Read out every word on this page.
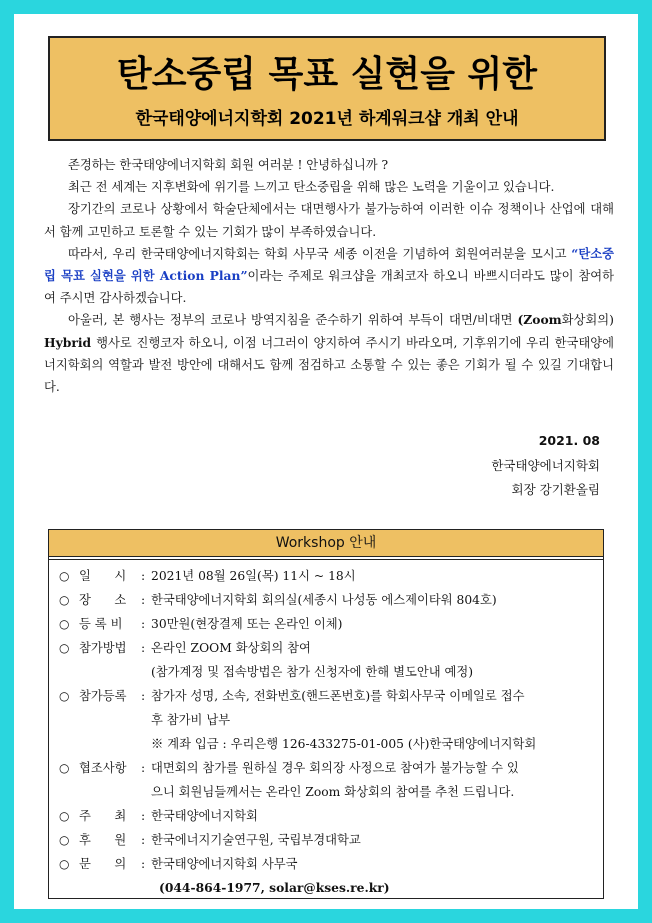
탄소중립 목표 실현을 위한
한국태양에너지학회 2021년 하계워크샵 개최 안내

존경하는 한국태양에너지학회 회원 여러분 ! 안녕하십니까 ?

최근 전 세계는 지후변화에 위기를 느끼고 탄소중립을 위해 많은 노력을 기울이고 있습니다.

장기간의 코로나 상황에서 학술단체에서는 대면행사가 불가능하여 이러한 이슈 정책이나 산업에 대해서 함께 고민하고 토론할 수 있는 기회가 많이 부족하였습니다.

따라서, 우리 한국태양에너지학회는 학회 사무국 세종 이전을 기념하여 회원여러분을 모시고 “탄소중립 목표 실현을 위한 Action Plan”이라는 주제로 워크샵을 개최코자 하오니 바쁘시더라도 많이 참여하여 주시면 감사하겠습니다.

아울러, 본 행사는 정부의 코로나 방역지침을 준수하기 위하여 부득이 대면/비대면 (Zoom화상회의) Hybrid 행사로 진행코자 하오니, 이점 너그러이 양지하여 주시기 바라오며, 기후위기에 우리 한국태양에너지학회의 역할과 발전 방안에 대해서도 함께 점검하고 소통할 수 있는 좋은 기회가 될 수 있길 기대합니다.

2021. 08
한국태양에너지학회
회장 강기환올림
Workshop 안내
○ 일      시 : 2021년 08월 26일(목) 11시 ~ 18시
○ 장      소 : 한국태양에너지학회 회의실(세종시 나성동 에스제이타워 804호)
○ 등 록 비 : 30만원(현장결제 또는 온라인 이체)
○ 참가방법 : 온라인 ZOOM 화상회의 참여
(참가계정 및 접속방법은 참가 신청자에 한해 별도안내 예정)
○ 참가등록 : 참가자 성명, 소속, 전화번호(핸드폰번호)를 학회사무국 이메일로 접수
후 참가비 납부
※ 계좌 입금 : 우리은행 126-433275-01-005 (사)한국태양에너지학회
○ 협조사항 : 대면회의 참가를 원하실 경우 회의장 사정으로 참여가 불가능할 수 있
으니 회원님들께서는 온라인 Zoom 화상회의 참여를 추천 드립니다.
○ 주      최 : 한국태양에너지학회
○ 후      원 : 한국에너지기술연구원, 국립부경대학교
○ 문      의 : 한국태양에너지학회 사무국
(044-864-1977, solar@kses.re.kr)
